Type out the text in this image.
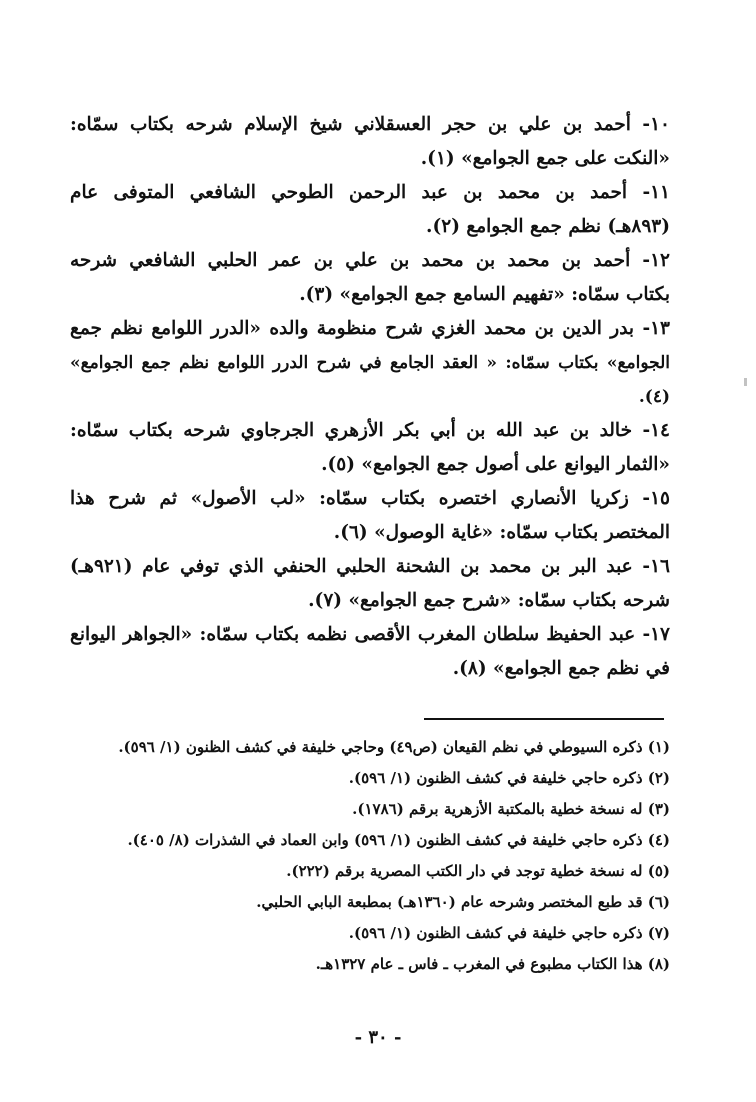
١٠- أحمد بن علي بن حجر العسقلاني شيخ الإسلام شرحه بكتاب سمّاه:
«النكت على جمع الجوامع» (١).

١١- أحمد بن محمد بن عبد الرحمن الطوحي الشافعي المتوفى عام
(٨٩٣هـ) نظم جمع الجوامع (٢).

١٢- أحمد بن محمد بن محمد بن علي بن عمر الحلبي الشافعي شرحه
بكتاب سمّاه: «تفهيم السامع جمع الجوامع» (٣).

١٣- بدر الدين بن محمد الغزي شرح منظومة والده «الدرر اللوامع نظم جمع
الجوامع» بكتاب سمّاه: « العقد الجامع في شرح الدرر اللوامع نظم جمع الجوامع» (٤).

١٤- خالد بن عبد الله بن أبي بكر الأزهري الجرجاوي شرحه بكتاب سمّاه:
«الثمار اليوانع على أصول جمع الجوامع» (٥).

١٥- زكريا الأنصاري اختصره بكتاب سمّاه: «لب الأصول» ثم شرح هذا
المختصر بكتاب سمّاه: «غاية الوصول» (٦).

١٦- عبد البر بن محمد بن الشحنة الحلبي الحنفي الذي توفي عام (٩٢١هـ)
شرحه بكتاب سمّاه: «شرح جمع الجوامع» (٧).

١٧- عبد الحفيظ سلطان المغرب الأقصى نظمه بكتاب سمّاه: «الجواهر اليوانع
في نظم جمع الجوامع» (٨).

(١) ذكره السيوطي في نظم القيعان (ص٤٩) وحاجي خليفة في كشف الظنون (١/ ٥٩٦).

(٢) ذكره حاجي خليفة في كشف الظنون (١/ ٥٩٦).

(٣) له نسخة خطية بالمكتبة الأزهرية برقم (١٧٨٦).

(٤) ذكره حاجي خليفة في كشف الظنون (١/ ٥٩٦) وابن العماد في الشذرات (٨/ ٤٠٥).

(٥) له نسخة خطية توجد في دار الكتب المصرية برقم (٢٢٢).

(٦) قد طبع المختصر وشرحه عام (١٣٦٠هـ) بمطبعة البابي الحلبي.

(٧) ذكره حاجي خليفة في كشف الظنون (١/ ٥٩٦).

(٨) هذا الكتاب مطبوع في المغرب ـ فاس ـ عام ١٣٢٧هـ.

- ٣٠ -
